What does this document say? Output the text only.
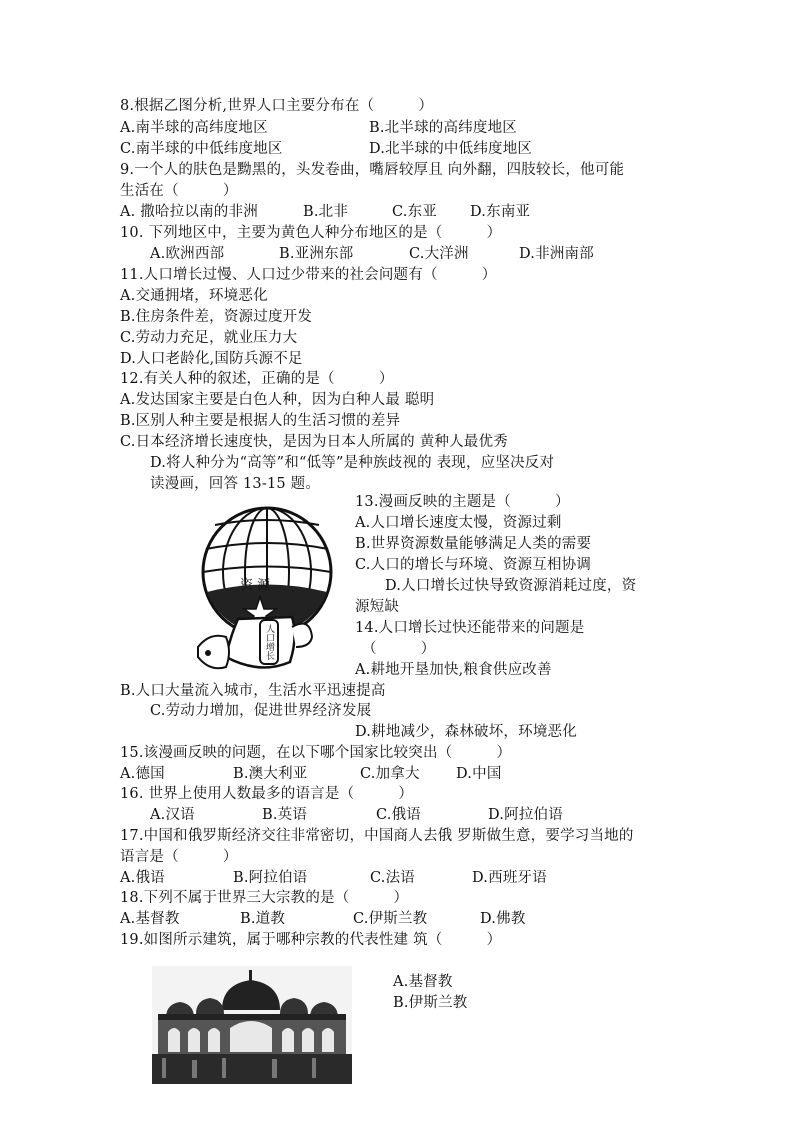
8.根据乙图分析,世界人口主要分布在（　　　）
A.南半球的高纬度地区	B.北半球的高纬度地区
C.南半球的中低纬度地区	D.北半球的中低纬度地区
9.一个人的肤色是黝黑的，头发卷曲，嘴唇较厚且 向外翻，四肢较长，他可能
生活在（　　　）
A. 撒哈拉以南的非洲	B.北非	C.东亚 D.东南亚
10. 下列地区中，主要为黄色人种分布地区的是（　　　）
A.欧洲西部	B.亚洲东部	C.大洋洲	D.非洲南部
11.人口增长过慢、人口过少带来的社会问题有（　　　）
A.交通拥堵，环境恶化
B.住房条件差，资源过度开发
C.劳动力充足，就业压力大
D.人口老龄化,国防兵源不足
12.有关人种的叙述，正确的是（　　　）
A.发达国家主要是白色人种，因为白种人最 聪明
B.区别人种主要是根据人的生活习惯的差异
C.日本经济增长速度快，是因为日本人所属的 黄种人最优秀
D.将人种分为“高等”和“低等”是种族歧视的 表现，应坚决反对
读漫画，回答 13-15 题。
资 源
人口增长
13.漫画反映的主题是（　　　）
A.人口增长速度太慢，资源过剩
B.世界资源数量能够满足人类的需要
C.人口的增长与环境、资源互相协调
D.人口增长过快导致资源消耗过度，资
源短缺
14.人口增长过快还能带来的问题是
（　　　）
A.耕地开垦加快,粮食供应改善
B.人口大量流入城市，生活水平迅速提高
C.劳动力增加，促进世界经济发展
D.耕地减少，森林破坏，环境恶化
15.该漫画反映的问题，在以下哪个国家比较突出（　　　）
A.德国	B.澳大利亚	C.加拿大	D.中国
16. 世界上使用人数最多的语言是（　　　）
A.汉语	B.英语	C.俄语	D.阿拉伯语
17.中国和俄罗斯经济交往非常密切，中国商人去俄 罗斯做生意，要学习当地的
语言是（　　　）
A.俄语	B.阿拉伯语	C.法语	D.西班牙语
18.下列不属于世界三大宗教的是（　　　）
A.基督教	B.道教	C.伊斯兰教	D.佛教
19.如图所示建筑，属于哪种宗教的代表性建 筑（　　　）
A.基督教
B.伊斯兰教
